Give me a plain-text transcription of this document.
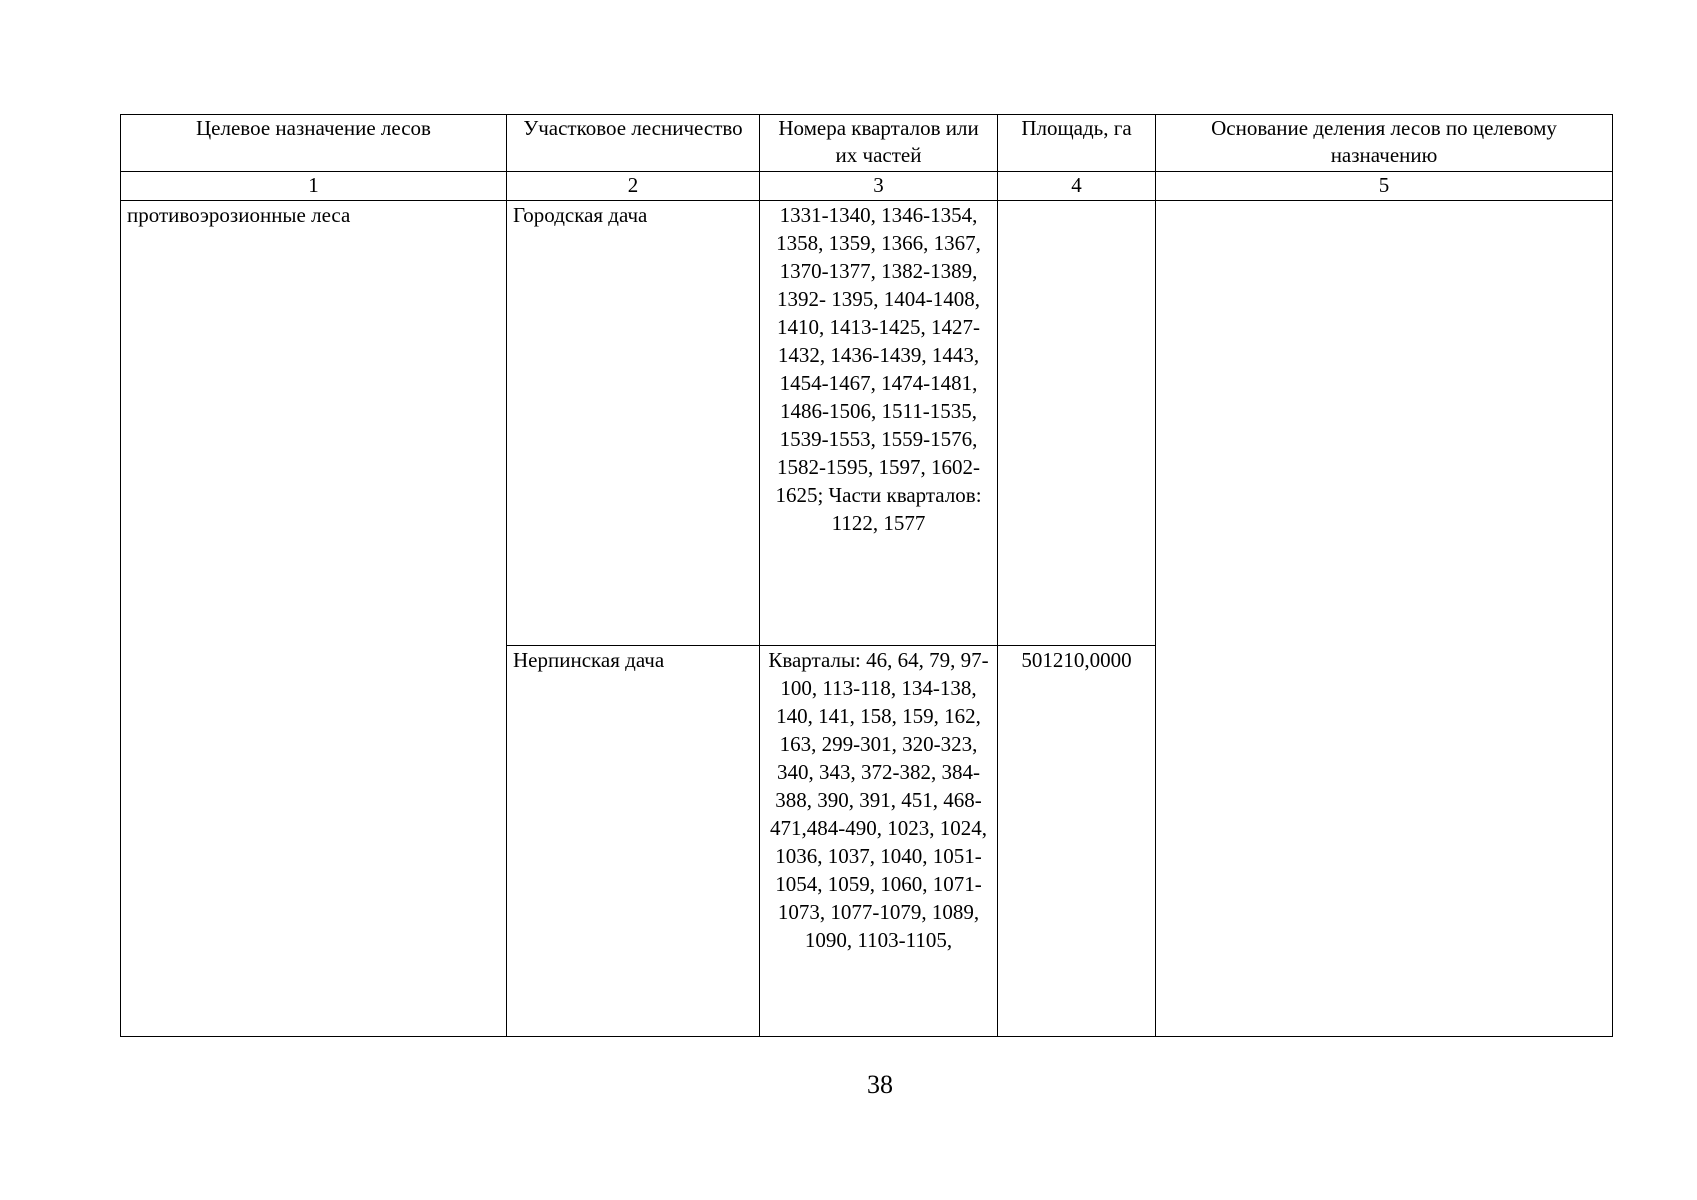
Целевое назначение лесов	Участковое лесничество	Номера кварталов или их частей	Площадь, га	Основание деления лесов по целевому назначению
1	2	3	4	5
противоэрозионные леса	Городская дача	1331-1340, 1346-1354, 1358, 1359, 1366, 1367, 1370-1377, 1382-1389, 1392- 1395, 1404-1408, 1410, 1413-1425, 1427-1432, 1436-1439, 1443, 1454-1467, 1474-1481, 1486-1506, 1511-1535, 1539-1553, 1559-1576, 1582-1595, 1597, 1602-1625; Части кварталов: 1122, 1577		
	Нерпинская дача	Кварталы: 46, 64, 79, 97-100, 113-118, 134-138, 140, 141, 158, 159, 162, 163, 299-301, 320-323, 340, 343, 372-382, 384-388, 390, 391, 451, 468-471,484-490, 1023, 1024, 1036, 1037, 1040, 1051-1054, 1059, 1060, 1071-1073, 1077-1079, 1089, 1090, 1103-1105,	501210,0000	
38
